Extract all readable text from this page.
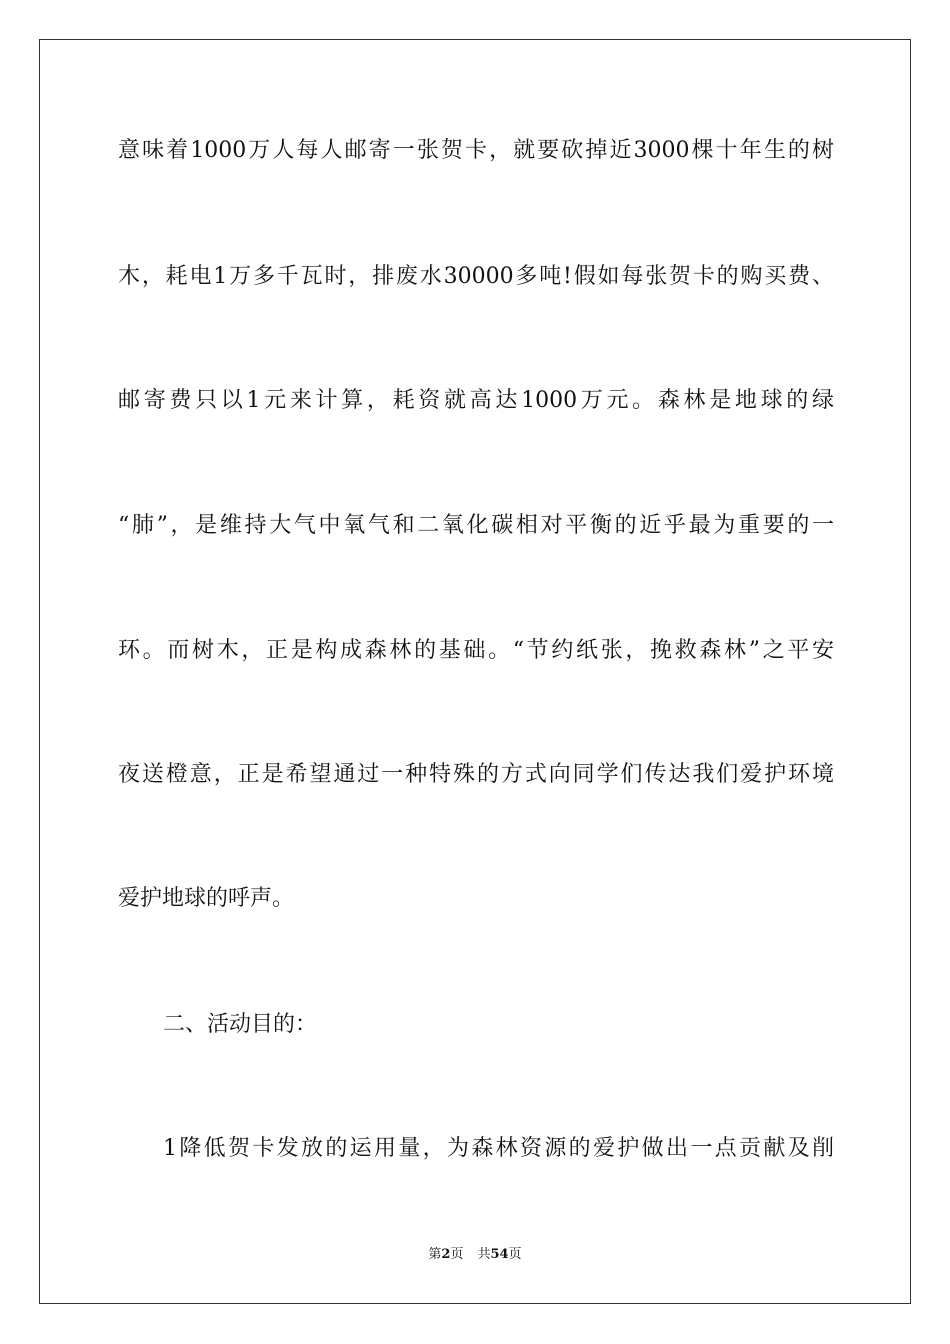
意味着1000万人每人邮寄一张贺卡，就要砍掉近3000棵十年生的树
木，耗电1万多千瓦时，排废水30000多吨!假如每张贺卡的购买费、
邮寄费只以1元来计算，耗资就高达1000万元。森林是地球的绿
“肺”，是维持大气中氧气和二氧化碳相对平衡的近乎最为重要的一
环。而树木，正是构成森林的基础。“节约纸张，挽救森林”之平安
夜送橙意，正是希望通过一种特殊的方式向同学们传达我们爱护环境
爱护地球的呼声。
二、活动目的：
1降低贺卡发放的运用量，为森林资源的爱护做出一点贡献及削
第2页 共54页
